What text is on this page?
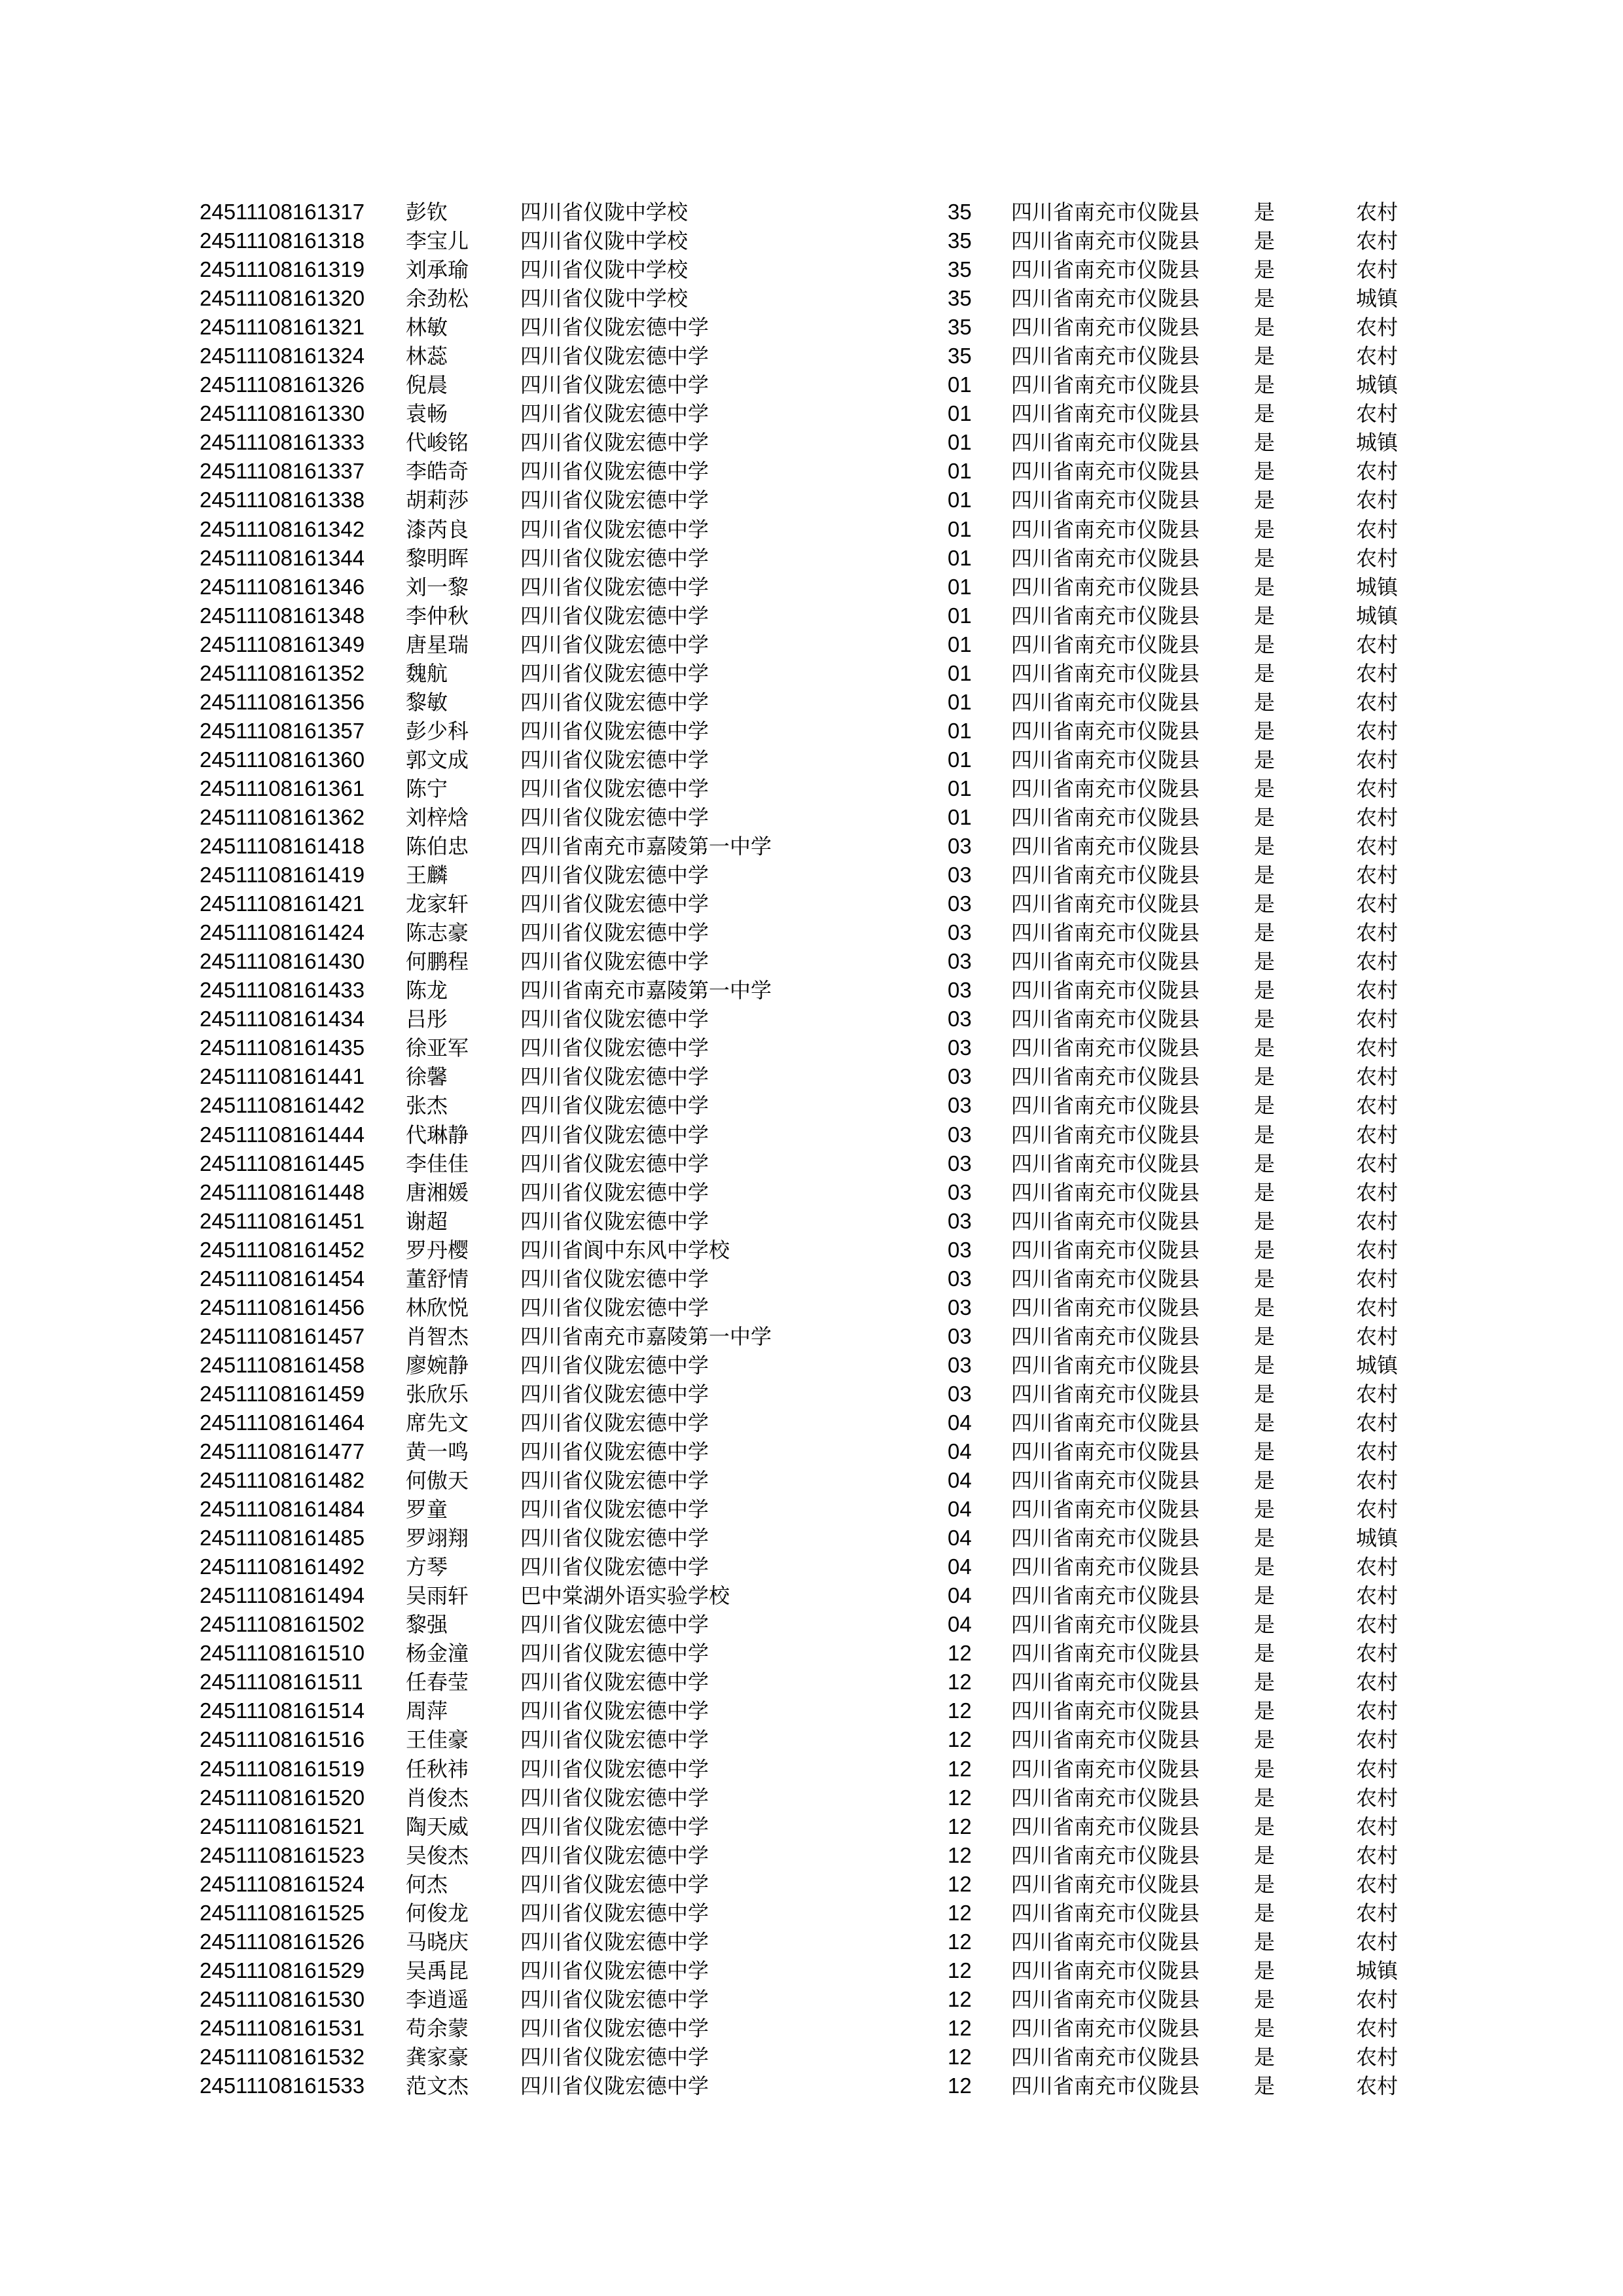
24511108161317 彭钦	四川省仪陇中学校	35 四川省南充市仪陇县	是	农村
24511108161318 李宝儿 四川省仪陇中学校	35 四川省南充市仪陇县	是	农村
24511108161319 刘承瑜 四川省仪陇中学校	35 四川省南充市仪陇县	是	农村
24511108161320 余劲松 四川省仪陇中学校	35 四川省南充市仪陇县	是	城镇
24511108161321 林敏	四川省仪陇宏德中学	35 四川省南充市仪陇县	是	农村
24511108161324 林蕊	四川省仪陇宏德中学	35 四川省南充市仪陇县	是	农村
24511108161326 倪晨	四川省仪陇宏德中学	01 四川省南充市仪陇县	是	城镇
24511108161330 袁畅	四川省仪陇宏德中学	01 四川省南充市仪陇县	是	农村
24511108161333 代峻铭 四川省仪陇宏德中学	01 四川省南充市仪陇县	是	城镇
24511108161337 李皓奇 四川省仪陇宏德中学	01 四川省南充市仪陇县	是	农村
24511108161338 胡莉莎 四川省仪陇宏德中学	01 四川省南充市仪陇县	是	农村
24511108161342 漆芮良 四川省仪陇宏德中学	01 四川省南充市仪陇县	是	农村
24511108161344 黎明晖 四川省仪陇宏德中学	01 四川省南充市仪陇县	是	农村
24511108161346 刘一黎 四川省仪陇宏德中学	01 四川省南充市仪陇县	是	城镇
24511108161348 李仲秋 四川省仪陇宏德中学	01 四川省南充市仪陇县	是	城镇
24511108161349 唐星瑞 四川省仪陇宏德中学	01 四川省南充市仪陇县	是	农村
24511108161352 魏航	四川省仪陇宏德中学	01 四川省南充市仪陇县	是	农村
24511108161356 黎敏	四川省仪陇宏德中学	01 四川省南充市仪陇县	是	农村
24511108161357 彭少科 四川省仪陇宏德中学	01 四川省南充市仪陇县	是	农村
24511108161360 郭文成 四川省仪陇宏德中学	01 四川省南充市仪陇县	是	农村
24511108161361 陈宁	四川省仪陇宏德中学	01 四川省南充市仪陇县	是	农村
24511108161362 刘梓焓 四川省仪陇宏德中学	01 四川省南充市仪陇县	是	农村
24511108161418 陈伯忠 四川省南充市嘉陵第一中学	03 四川省南充市仪陇县	是	农村
24511108161419 王麟	四川省仪陇宏德中学	03 四川省南充市仪陇县	是	农村
24511108161421 龙家轩 四川省仪陇宏德中学	03 四川省南充市仪陇县	是	农村
24511108161424 陈志豪 四川省仪陇宏德中学	03 四川省南充市仪陇县	是	农村
24511108161430 何鹏程 四川省仪陇宏德中学	03 四川省南充市仪陇县	是	农村
24511108161433 陈龙	四川省南充市嘉陵第一中学	03 四川省南充市仪陇县	是	农村
24511108161434 吕彤	四川省仪陇宏德中学	03 四川省南充市仪陇县	是	农村
24511108161435 徐亚军 四川省仪陇宏德中学	03 四川省南充市仪陇县	是	农村
24511108161441 徐馨	四川省仪陇宏德中学	03 四川省南充市仪陇县	是	农村
24511108161442 张杰	四川省仪陇宏德中学	03 四川省南充市仪陇县	是	农村
24511108161444 代琳静 四川省仪陇宏德中学	03 四川省南充市仪陇县	是	农村
24511108161445 李佳佳 四川省仪陇宏德中学	03 四川省南充市仪陇县	是	农村
24511108161448 唐湘媛 四川省仪陇宏德中学	03 四川省南充市仪陇县	是	农村
24511108161451 谢超	四川省仪陇宏德中学	03 四川省南充市仪陇县	是	农村
24511108161452 罗丹樱 四川省阆中东风中学校	03 四川省南充市仪陇县	是	农村
24511108161454 董舒情 四川省仪陇宏德中学	03 四川省南充市仪陇县	是	农村
24511108161456 林欣悦 四川省仪陇宏德中学	03 四川省南充市仪陇县	是	农村
24511108161457 肖智杰 四川省南充市嘉陵第一中学	03 四川省南充市仪陇县	是	农村
24511108161458 廖婉静 四川省仪陇宏德中学	03 四川省南充市仪陇县	是	城镇
24511108161459 张欣乐 四川省仪陇宏德中学	03 四川省南充市仪陇县	是	农村
24511108161464 席先文 四川省仪陇宏德中学	04 四川省南充市仪陇县	是	农村
24511108161477 黄一鸣 四川省仪陇宏德中学	04 四川省南充市仪陇县	是	农村
24511108161482 何傲天 四川省仪陇宏德中学	04 四川省南充市仪陇县	是	农村
24511108161484 罗童	四川省仪陇宏德中学	04 四川省南充市仪陇县	是	农村
24511108161485 罗翊翔 四川省仪陇宏德中学	04 四川省南充市仪陇县	是	城镇
24511108161492 方琴	四川省仪陇宏德中学	04 四川省南充市仪陇县	是	农村
24511108161494 吴雨轩 巴中棠湖外语实验学校	04 四川省南充市仪陇县	是	农村
24511108161502 黎强	四川省仪陇宏德中学	04 四川省南充市仪陇县	是	农村
24511108161510 杨金潼 四川省仪陇宏德中学	12 四川省南充市仪陇县	是	农村
24511108161511 任春莹 四川省仪陇宏德中学	12 四川省南充市仪陇县	是	农村
24511108161514 周萍	四川省仪陇宏德中学	12 四川省南充市仪陇县	是	农村
24511108161516 王佳豪 四川省仪陇宏德中学	12 四川省南充市仪陇县	是	农村
24511108161519 任秋祎 四川省仪陇宏德中学	12 四川省南充市仪陇县	是	农村
24511108161520 肖俊杰 四川省仪陇宏德中学	12 四川省南充市仪陇县	是	农村
24511108161521 陶天威 四川省仪陇宏德中学	12 四川省南充市仪陇县	是	农村
24511108161523 吴俊杰 四川省仪陇宏德中学	12 四川省南充市仪陇县	是	农村
24511108161524 何杰	四川省仪陇宏德中学	12 四川省南充市仪陇县	是	农村
24511108161525 何俊龙 四川省仪陇宏德中学	12 四川省南充市仪陇县	是	农村
24511108161526 马晓庆 四川省仪陇宏德中学	12 四川省南充市仪陇县	是	农村
24511108161529 吴禹昆 四川省仪陇宏德中学	12 四川省南充市仪陇县	是	城镇
24511108161530 李逍遥 四川省仪陇宏德中学	12 四川省南充市仪陇县	是	农村
24511108161531 苟余蒙 四川省仪陇宏德中学	12 四川省南充市仪陇县	是	农村
24511108161532 龚家豪 四川省仪陇宏德中学	12 四川省南充市仪陇县	是	农村
24511108161533 范文杰 四川省仪陇宏德中学	12 四川省南充市仪陇县	是	农村
